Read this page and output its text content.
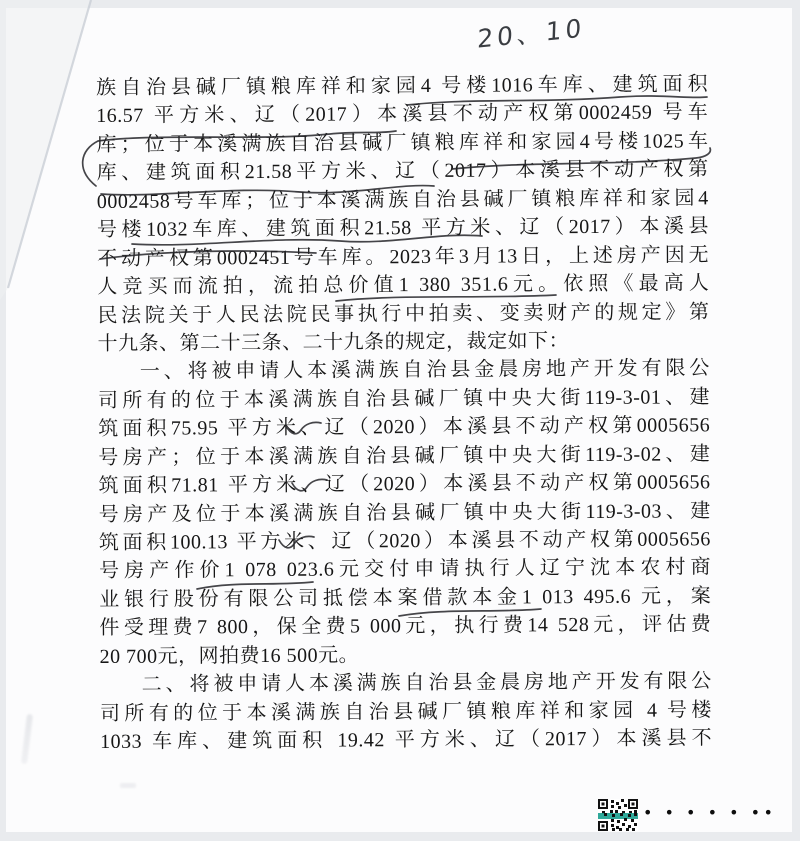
20、10
族自治县碱厂镇粮库祥和家园4 号楼1016车库、建筑面积
16.57 平方米、辽（2017）本溪县不动产权第0002459 号车
库；位于本溪满族自治县碱厂镇粮库祥和家园4号楼1025车
库、建筑面积21.58平方米、辽（2017）本溪县不动产权第
0002458号车库；位于本溪满族自治县碱厂镇粮库祥和家园4
号楼1032车库、建筑面积21.58 平方米、辽（2017）本溪县
不动产权第0002451号车库。2023年3月13日，上述房产因无
人竞买而流拍，流拍总价值1 380 351.6元。依照《最高人
民法院关于人民法院民事执行中拍卖、变卖财产的规定》第
十九条、第二十三条、二十九条的规定，裁定如下：
一、将被申请人本溪满族自治县金晨房地产开发有限公
司所有的位于本溪满族自治县碱厂镇中央大街119-3-01、建
筑面积75.95 平方米、辽（2020）本溪县不动产权第0005656
号房产；位于本溪满族自治县碱厂镇中央大街119-3-02、建
筑面积71.81 平方米、辽（2020）本溪县不动产权第0005656
号房产及位于本溪满族自治县碱厂镇中央大街119-3-03、建
筑面积100.13 平方米、辽（2020）本溪县不动产权第0005656
号房产作价1 078 023.6元交付申请执行人辽宁沈本农村商
业银行股份有限公司抵偿本案借款本金1 013 495.6 元，案
件受理费7 800，保全费5 000元，执行费14 528元，评估费
20 700元，网拍费16 500元。
二、将被申请人本溪满族自治县金晨房地产开发有限公
司所有的位于本溪满族自治县碱厂镇粮库祥和家园 4 号楼
1033 车库、建筑面积 19.42 平方米、辽（2017）本溪县不
• • • • • ••
